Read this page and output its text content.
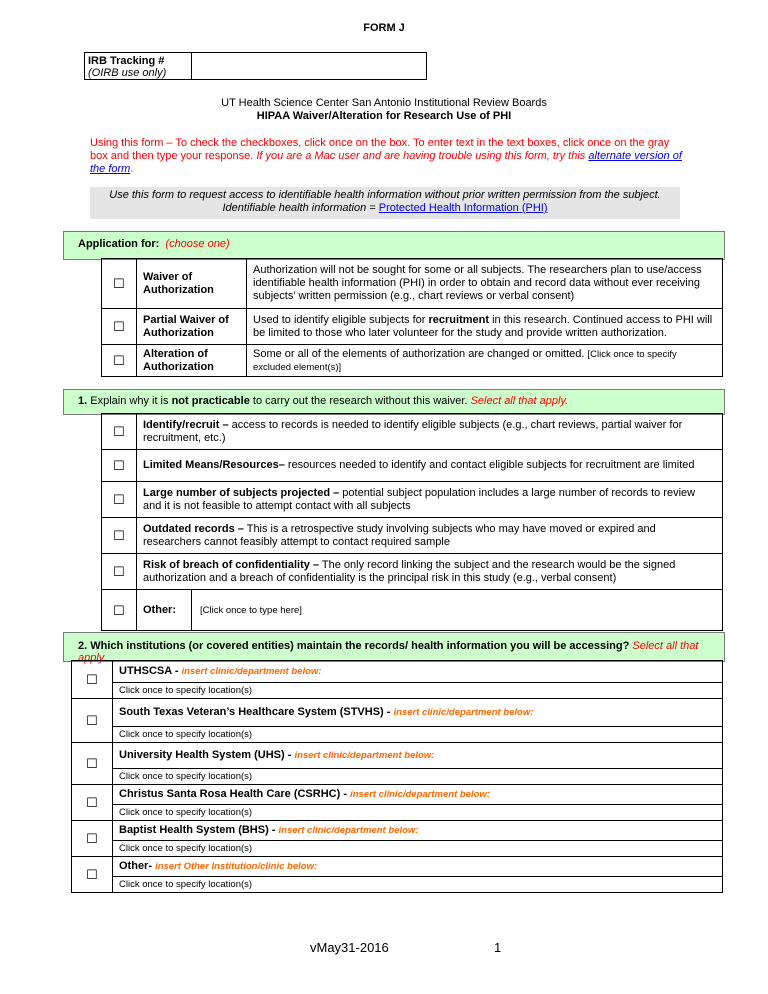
FORM J
IRB Tracking #
(OIRB use only)
UT Health Science Center San Antonio Institutional Review Boards
HIPAA Waiver/Alteration for Research Use of PHI
Using this form – To check the checkboxes, click once on the box. To enter text in the text boxes, click once on the gray box and then type your response. If you are a Mac user and are having trouble using this form, try this alternate version of the form.
Use this form to request access to identifiable health information without prior written permission from the subject.
Identifiable health information = Protected Health Information (PHI)
Application for: (choose one)
☐	Waiver of Authorization	Authorization will not be sought for some or all subjects. The researchers plan to use/access identifiable health information (PHI) in order to obtain and record data without ever receiving subjects’ written permission (e.g., chart reviews or verbal consent)
☐	Partial Waiver of Authorization	Used to identify eligible subjects for recruitment in this research. Continued access to PHI will be limited to those who later volunteer for the study and provide written authorization.
☐	Alteration of Authorization	Some or all of the elements of authorization are changed or omitted. [Click once to specify excluded element(s)]
1. Explain why it is not practicable to carry out the research without this waiver. Select all that apply.
☐	Identify/recruit – access to records is needed to identify eligible subjects (e.g., chart reviews, partial waiver for recruitment, etc.)
☐	Limited Means/Resources– resources needed to identify and contact eligible subjects for recruitment are limited
☐	Large number of subjects projected – potential subject population includes a large number of records to review and it is not feasible to attempt contact with all subjects
☐	Outdated records – This is a retrospective study involving subjects who may have moved or expired and researchers cannot feasibly attempt to contact required sample
☐	Risk of breach of confidentiality – The only record linking the subject and the research would be the signed authorization and a breach of confidentiality is the principal risk in this study (e.g., verbal consent)
☐	Other: [Click once to type here]
2. Which institutions (or covered entities) maintain the records/ health information you will be accessing? Select all that apply.
☐	UTHSCSA - insert clinic/department below:
	Click once to specify location(s)
☐	South Texas Veteran’s Healthcare System (STVHS) - insert clinic/department below:
	Click once to specify location(s)
☐	University Health System (UHS) - insert clinic/department below:
	Click once to specify location(s)
☐	Christus Santa Rosa Health Care (CSRHC) - insert clinic/department below:
	Click once to specify location(s)
☐	Baptist Health System (BHS) - insert clinic/department below:
	Click once to specify location(s)
☐	Other- insert Other Institution/clinic below:
	Click once to specify location(s)
vMay31-2016	1
